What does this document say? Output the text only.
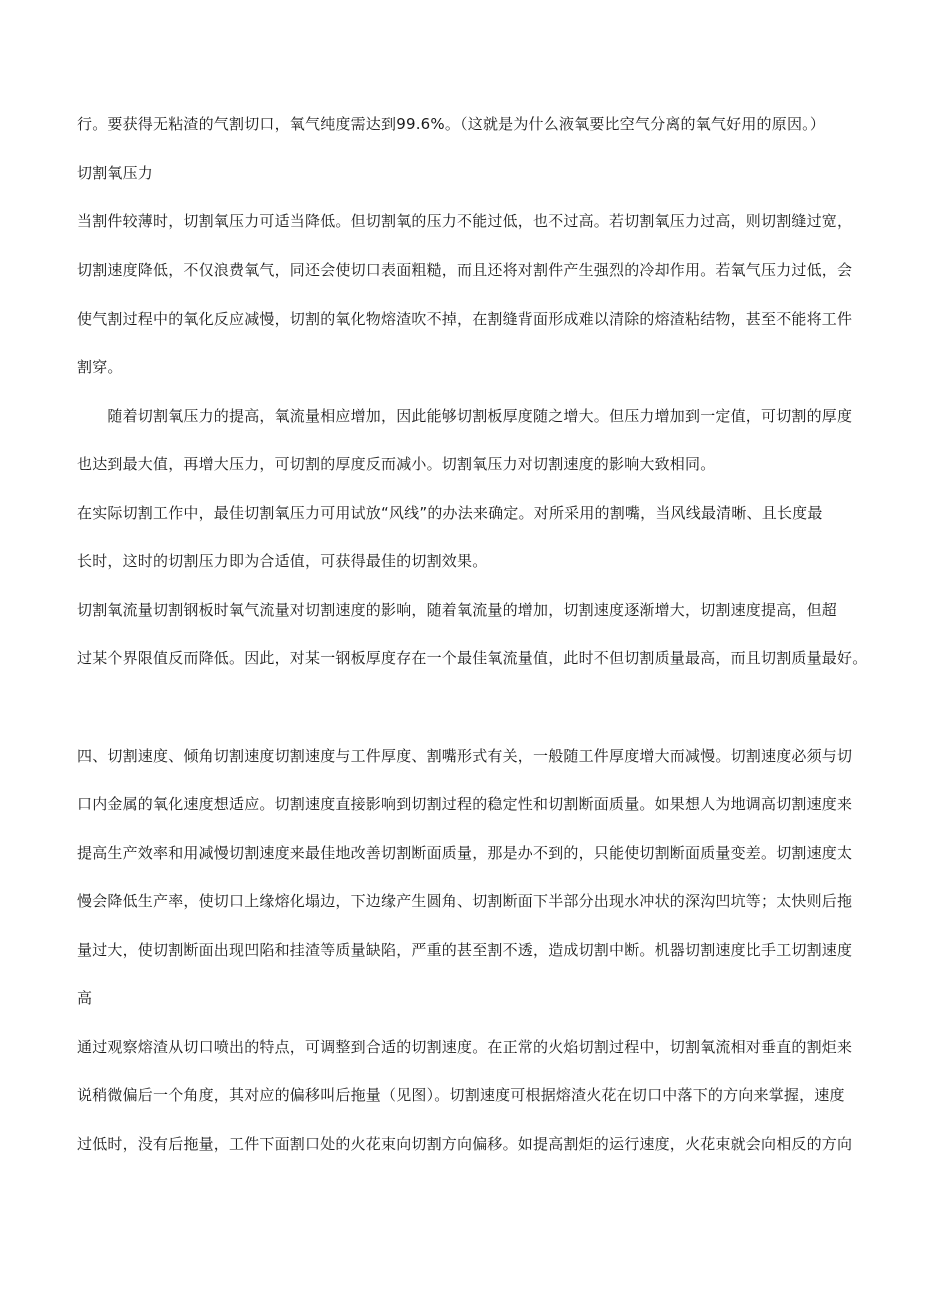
行。要获得无粘渣的气割切口，氧气纯度需达到99.6%。（这就是为什么液氧要比空气分离的氧气好用的原因。）
切割氧压力
当割件较薄时，切割氧压力可适当降低。但切割氧的压力不能过低，也不过高。若切割氧压力过高，则切割缝过宽，
切割速度降低，不仅浪费氧气，同还会使切口表面粗糙，而且还将对割件产生强烈的冷却作用。若氧气压力过低，会
使气割过程中的氧化反应减慢，切割的氧化物熔渣吹不掉，在割缝背面形成难以清除的熔渣粘结物，甚至不能将工件
割穿。
　　随着切割氧压力的提高，氧流量相应增加，因此能够切割板厚度随之增大。但压力增加到一定值，可切割的厚度
也达到最大值，再增大压力，可切割的厚度反而减小。切割氧压力对切割速度的影响大致相同。
在实际切割工作中，最佳切割氧压力可用试放“风线”的办法来确定。对所采用的割嘴，当风线最清晰、且长度最
长时，这时的切割压力即为合适值，可获得最佳的切割效果。
切割氧流量切割钢板时氧气流量对切割速度的影响，随着氧流量的增加，切割速度逐渐增大，切割速度提高，但超
过某个界限值反而降低。因此，对某一钢板厚度存在一个最佳氧流量值，此时不但切割质量最高，而且切割质量最好。
四、切割速度、倾角切割速度切割速度与工件厚度、割嘴形式有关，一般随工件厚度增大而减慢。切割速度必须与切
口内金属的氧化速度想适应。切割速度直接影响到切割过程的稳定性和切割断面质量。如果想人为地调高切割速度来
提高生产效率和用减慢切割速度来最佳地改善切割断面质量，那是办不到的，只能使切割断面质量变差。切割速度太
慢会降低生产率，使切口上缘熔化塌边，下边缘产生圆角、切割断面下半部分出现水冲状的深沟凹坑等；太快则后拖
量过大，使切割断面出现凹陷和挂渣等质量缺陷，严重的甚至割不透，造成切割中断。机器切割速度比手工切割速度
高
通过观察熔渣从切口喷出的特点，可调整到合适的切割速度。在正常的火焰切割过程中，切割氧流相对垂直的割炬来
说稍微偏后一个角度，其对应的偏移叫后拖量（见图）。切割速度可根据熔渣火花在切口中落下的方向来掌握，速度
过低时，没有后拖量，工件下面割口处的火花束向切割方向偏移。如提高割炬的运行速度，火花束就会向相反的方向
